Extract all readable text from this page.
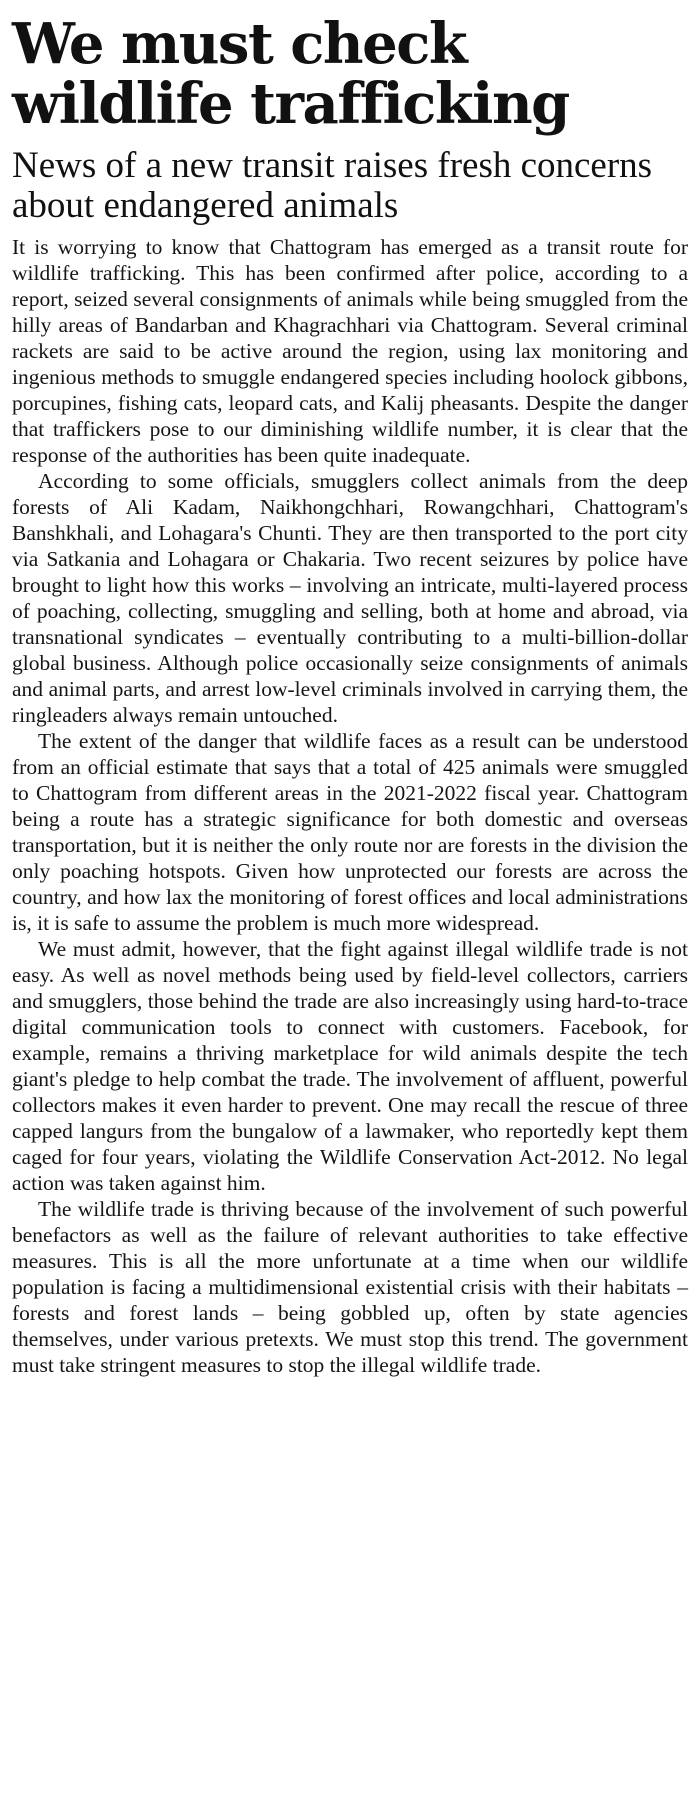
We must check wildlife trafficking
News of a new transit raises fresh concerns about endangered animals

It is worrying to know that Chattogram has emerged as a transit route for wildlife trafficking. This has been confirmed after police, according to a report, seized several consignments of animals while being smuggled from the hilly areas of Bandarban and Khagrachhari via Chattogram. Several criminal rackets are said to be active around the region, using lax monitoring and ingenious methods to smuggle endangered species including hoolock gibbons, porcupines, fishing cats, leopard cats, and Kalij pheasants. Despite the danger that traffickers pose to our diminishing wildlife number, it is clear that the response of the authorities has been quite inadequate.

According to some officials, smugglers collect animals from the deep forests of Ali Kadam, Naikhongchhari, Rowangchhari, Chattogram's Banshkhali, and Lohagara's Chunti. They are then transported to the port city via Satkania and Lohagara or Chakaria. Two recent seizures by police have brought to light how this works – involving an intricate, multi-layered process of poaching, collecting, smuggling and selling, both at home and abroad, via transnational syndicates – eventually contributing to a multi-billion-dollar global business. Although police occasionally seize consignments of animals and animal parts, and arrest low-level criminals involved in carrying them, the ringleaders always remain untouched.

The extent of the danger that wildlife faces as a result can be understood from an official estimate that says that a total of 425 animals were smuggled to Chattogram from different areas in the 2021-2022 fiscal year. Chattogram being a route has a strategic significance for both domestic and overseas transportation, but it is neither the only route nor are forests in the division the only poaching hotspots. Given how unprotected our forests are across the country, and how lax the monitoring of forest offices and local administrations is, it is safe to assume the problem is much more widespread.

We must admit, however, that the fight against illegal wildlife trade is not easy. As well as novel methods being used by field-level collectors, carriers and smugglers, those behind the trade are also increasingly using hard-to-trace digital communication tools to connect with customers. Facebook, for example, remains a thriving marketplace for wild animals despite the tech giant's pledge to help combat the trade. The involvement of affluent, powerful collectors makes it even harder to prevent. One may recall the rescue of three capped langurs from the bungalow of a lawmaker, who reportedly kept them caged for four years, violating the Wildlife Conservation Act-2012. No legal action was taken against him.

The wildlife trade is thriving because of the involvement of such powerful benefactors as well as the failure of relevant authorities to take effective measures. This is all the more unfortunate at a time when our wildlife population is facing a multidimensional existential crisis with their habitats – forests and forest lands – being gobbled up, often by state agencies themselves, under various pretexts. We must stop this trend. The government must take stringent measures to stop the illegal wildlife trade.
